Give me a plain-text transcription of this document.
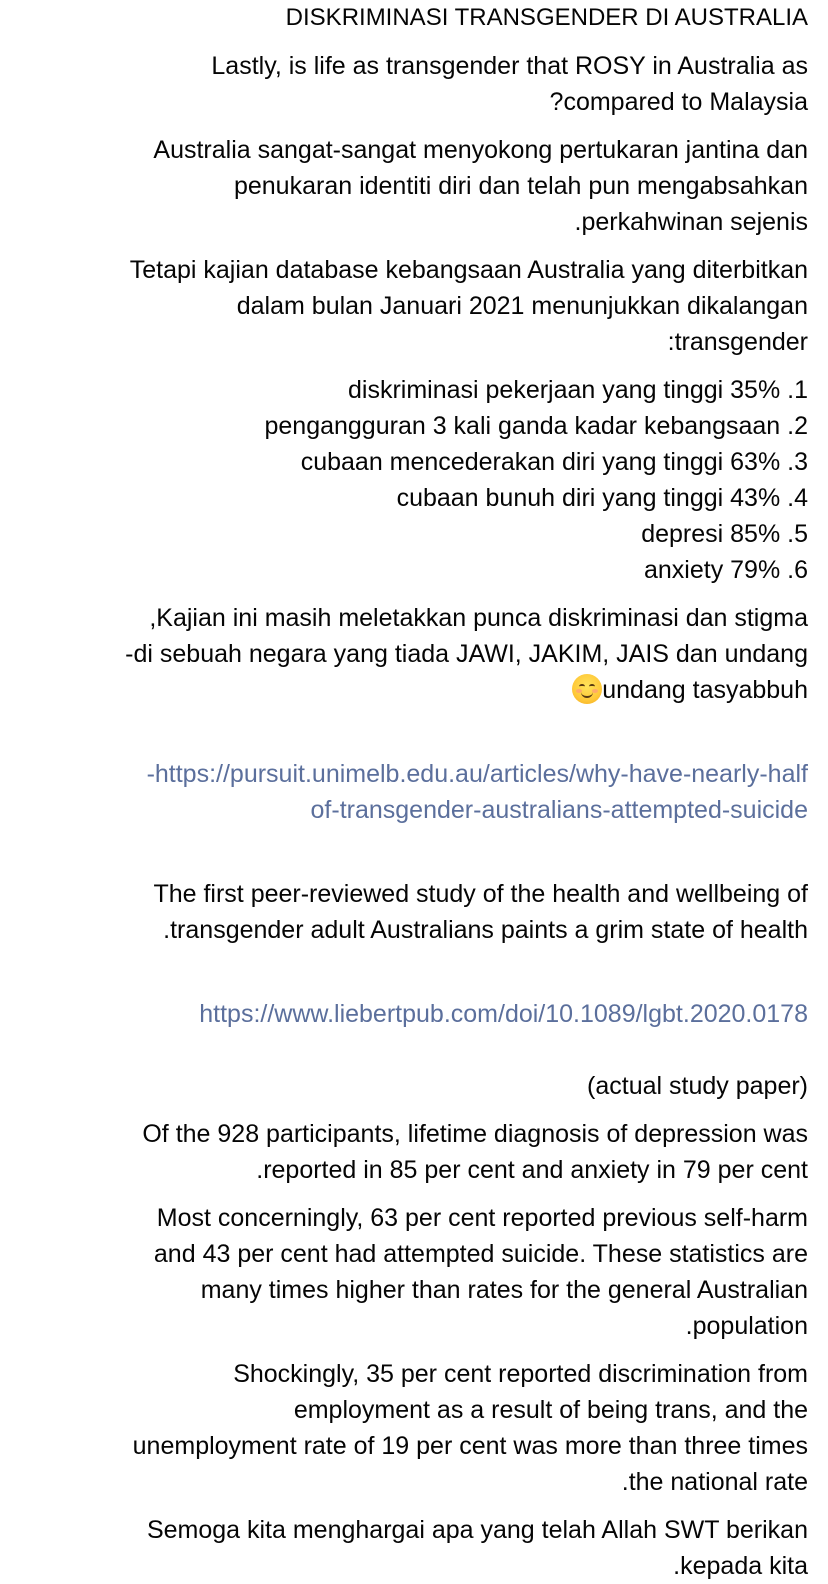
DISKRIMINASI TRANSGENDER DI AUSTRALIA
Lastly, is life as transgender that ROSY in Australia as
compared to Malaysia?
Australia sangat-sangat menyokong pertukaran jantina dan
penukaran identiti diri dan telah pun mengabsahkan
perkahwinan sejenis.
Tetapi kajian database kebangsaan Australia yang diterbitkan
dalam bulan Januari 2021 menunjukkan dikalangan
transgender:
1. diskriminasi pekerjaan yang tinggi 35%
2. pengangguran 3 kali ganda kadar kebangsaan
3. cubaan mencederakan diri yang tinggi 63%
4. cubaan bunuh diri yang tinggi 43%
5. depresi 85%
6. anxiety 79%
Kajian ini masih meletakkan punca diskriminasi dan stigma,
di sebuah negara yang tiada JAWI, JAKIM, JAIS dan undang-
undang tasyabbuh

https://pursuit.unimelb.edu.au/articles/why-have-nearly-half-
of-transgender-australians-attempted-suicide

The first peer-reviewed study of the health and wellbeing of
transgender adult Australians paints a grim state of health.

https://www.liebertpub.com/doi/10.1089/lgbt.2020.0178

(actual study paper)

Of the 928 participants, lifetime diagnosis of depression was
reported in 85 per cent and anxiety in 79 per cent.
Most concerningly, 63 per cent reported previous self-harm
and 43 per cent had attempted suicide. These statistics are
many times higher than rates for the general Australian
population.
Shockingly, 35 per cent reported discrimination from
employment as a result of being trans, and the
unemployment rate of 19 per cent was more than three times
the national rate.
Semoga kita menghargai apa yang telah Allah SWT berikan
kepada kita.
